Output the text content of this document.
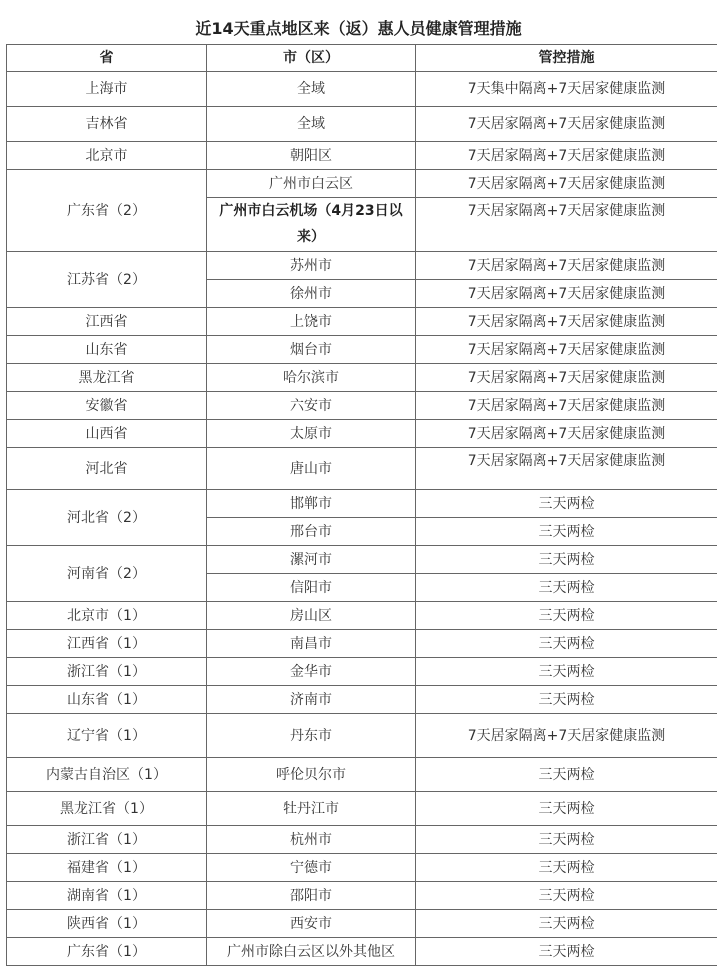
近14天重点地区来（返）惠人员健康管理措施
省	市（区）	管控措施
上海市	全域	7天集中隔离+7天居家健康监测
吉林省	全域	7天居家隔离+7天居家健康监测
北京市	朝阳区	7天居家隔离+7天居家健康监测
广东省（2）	广州市白云区	7天居家隔离+7天居家健康监测
	广州市白云机场（4月23日以来）	7天居家隔离+7天居家健康监测
江苏省（2）	苏州市	7天居家隔离+7天居家健康监测
	徐州市	7天居家隔离+7天居家健康监测
江西省	上饶市	7天居家隔离+7天居家健康监测
山东省	烟台市	7天居家隔离+7天居家健康监测
黑龙江省	哈尔滨市	7天居家隔离+7天居家健康监测
安徽省	六安市	7天居家隔离+7天居家健康监测
山西省	太原市	7天居家隔离+7天居家健康监测
河北省	唐山市	7天居家隔离+7天居家健康监测
河北省（2）	邯郸市	三天两检
	邢台市	三天两检
河南省（2）	漯河市	三天两检
	信阳市	三天两检
北京市（1）	房山区	三天两检
江西省（1）	南昌市	三天两检
浙江省（1）	金华市	三天两检
山东省（1）	济南市	三天两检
辽宁省（1）	丹东市	7天居家隔离+7天居家健康监测
内蒙古自治区（1）	呼伦贝尔市	三天两检
黑龙江省（1）	牡丹江市	三天两检
浙江省（1）	杭州市	三天两检
福建省（1）	宁德市	三天两检
湖南省（1）	邵阳市	三天两检
陕西省（1）	西安市	三天两检
广东省（1）	广州市除白云区以外其他区	三天两检
